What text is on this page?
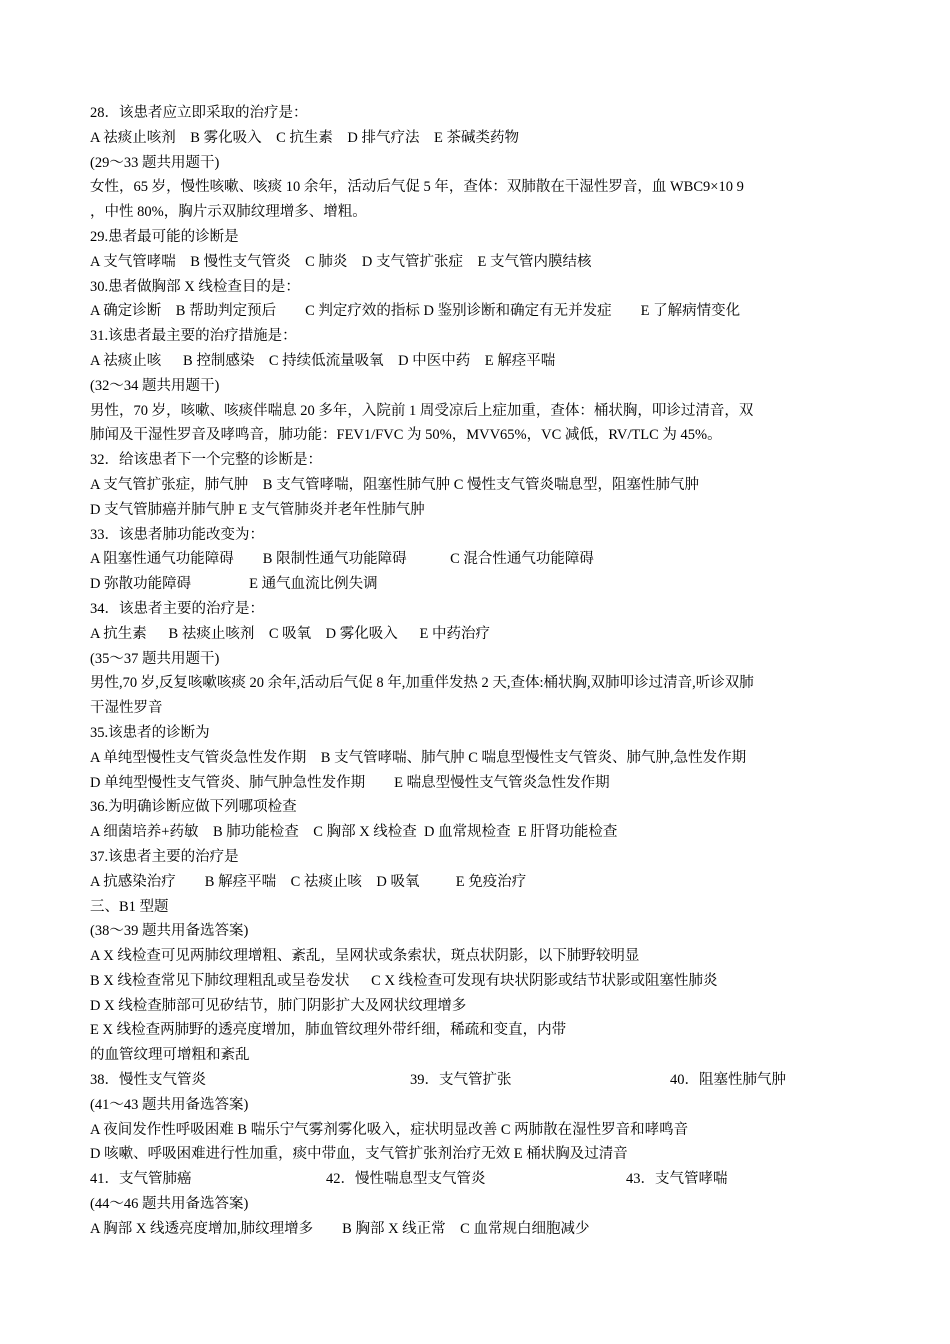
28．该患者应立即采取的治疗是：
A 祛痰止咳剂    B 雾化吸入    C 抗生素    D 排气疗法    E 茶碱类药物
(29～33 题共用题干)
女性，65 岁，慢性咳嗽、咳痰 10 余年，活动后气促 5 年，查体：双肺散在干湿性罗音，血 WBC9×10 9
，中性 80%，胸片示双肺纹理增多、增粗。
29.患者最可能的诊断是
A 支气管哮喘    B 慢性支气管炎    C 肺炎    D 支气管扩张症    E 支气管内膜结核
30.患者做胸部 X 线检查目的是：
A 确定诊断    B 帮助判定预后        C 判定疗效的指标 D 鉴别诊断和确定有无并发症        E 了解病情变化
31.该患者最主要的治疗措施是：
A 祛痰止咳      B 控制感染    C 持续低流量吸氧    D 中医中药    E 解痉平喘
(32～34 题共用题干)
男性，70 岁，咳嗽、咳痰伴喘息 20 多年，入院前 1 周受凉后上症加重，查体：桶状胸，叩诊过清音，双
肺闻及干湿性罗音及哮鸣音，肺功能：FEV1/FVC 为 50%，MVV65%，VC 减低，RV/TLC 为 45%。
32．给该患者下一个完整的诊断是：
A 支气管扩张症，肺气肿    B 支气管哮喘，阻塞性肺气肿 C 慢性支气管炎喘息型，阻塞性肺气肿
D 支气管肺癌并肺气肿 E 支气管肺炎并老年性肺气肿
33．该患者肺功能改变为：
A 阻塞性通气功能障碍        B 限制性通气功能障碍            C 混合性通气功能障碍
D 弥散功能障碍                E 通气血流比例失调
34．该患者主要的治疗是：
A 抗生素      B 祛痰止咳剂    C 吸氧    D 雾化吸入      E 中药治疗
(35～37 题共用题干)
男性,70 岁,反复咳嗽咳痰 20 余年,活动后气促 8 年,加重伴发热 2 天,查体:桶状胸,双肺叩诊过清音,听诊双肺
干湿性罗音
35.该患者的诊断为
A 单纯型慢性支气管炎急性发作期    B 支气管哮喘、肺气肿 C 喘息型慢性支气管炎、肺气肿,急性发作期
D 单纯型慢性支气管炎、肺气肿急性发作期        E 喘息型慢性支气管炎急性发作期
36.为明确诊断应做下列哪项检查
A 细菌培养+药敏    B 肺功能检查    C 胸部 X 线检查  D 血常规检查  E 肝肾功能检查
37.该患者主要的治疗是
A 抗感染治疗        B 解痉平喘    C 祛痰止咳    D 吸氧          E 免疫治疗
三、B1 型题
(38～39 题共用备选答案)
A X 线检查可见两肺纹理增粗、紊乱，呈网状或条索状，斑点状阴影，以下肺野较明显
B X 线检查常见下肺纹理粗乱或呈卷发状      C X 线检查可发现有块状阴影或结节状影或阻塞性肺炎
D X 线检查肺部可见矽结节，肺门阴影扩大及网状纹理增多
E X 线检查两肺野的透亮度增加，肺血管纹理外带纤细，稀疏和变直，内带
的血管纹理可增粗和紊乱
38．慢性支气管炎	39．支气管扩张	40．阻塞性肺气肿
(41～43 题共用备选答案)
A 夜间发作性呼吸困难 B 喘乐宁气雾剂雾化吸入，症状明显改善 C 两肺散在湿性罗音和哮鸣音
D 咳嗽、呼吸困难进行性加重，痰中带血，支气管扩张剂治疗无效 E 桶状胸及过清音
41．支气管肺癌	42．慢性喘息型支气管炎	43．支气管哮喘
(44～46 题共用备选答案)
A 胸部 X 线透亮度增加,肺纹理增多        B 胸部 X 线正常    C 血常规白细胞减少
